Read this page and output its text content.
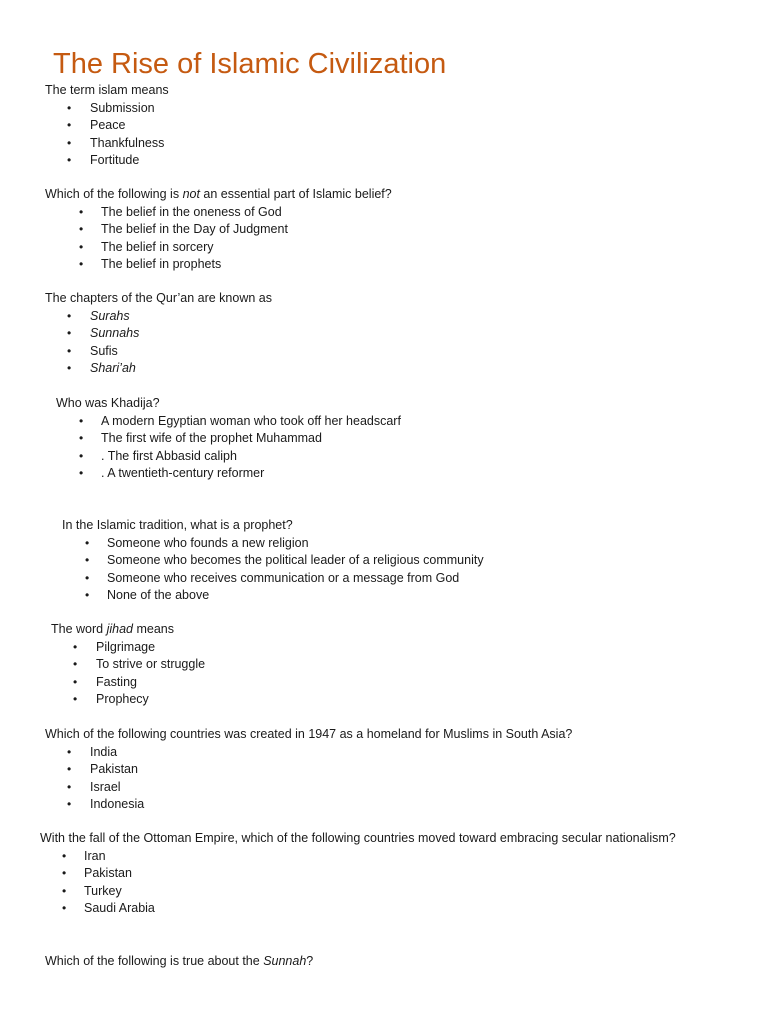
The Rise of Islamic Civilization
The term islam means
• Submission
• Peace
• Thankfulness
• Fortitude
Which of the following is not an essential part of Islamic belief?
• The belief in the oneness of God
• The belief in the Day of Judgment
• The belief in sorcery
• The belief in prophets
The chapters of the Qur’an are known as
• Surahs
• Sunnahs
• Sufis
• Shari’ah
Who was Khadija?
• A modern Egyptian woman who took off her headscarf
• The first wife of the prophet Muhammad
• . The first Abbasid caliph
• . A twentieth-century reformer
In the Islamic tradition, what is a prophet?
• Someone who founds a new religion
• Someone who becomes the political leader of a religious community
• Someone who receives communication or a message from God
• None of the above
The word jihad means
• Pilgrimage
• To strive or struggle
• Fasting
• Prophecy
Which of the following countries was created in 1947 as a homeland for Muslims in South Asia?
• India
• Pakistan
• Israel
• Indonesia
With the fall of the Ottoman Empire, which of the following countries moved toward embracing secular nationalism?
• Iran
• Pakistan
• Turkey
• Saudi Arabia
Which of the following is true about the Sunnah?
